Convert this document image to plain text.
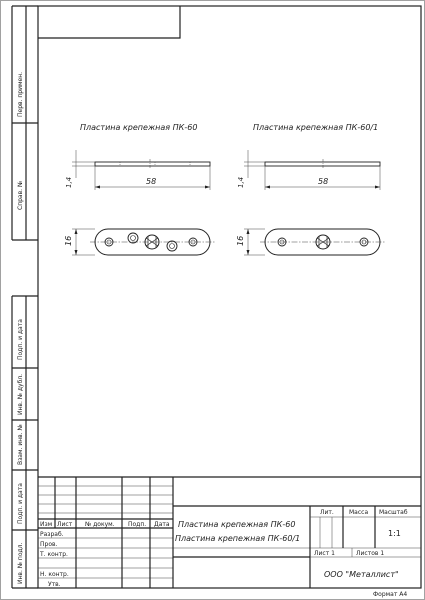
Перв. примен.
Справ. №
Подп. и дата
Инв. № дубл.
Взам. инв. №
Подп. и дата
Инв. № подл.
Пластина крепежная ПК-60
1,4	58
16
Пластина крепежная ПК-60/1
1,4	58
16
Изм Лист № докум. Подп. Дата
Разраб.
Пров.
Т. контр.
Н. контр.
Утв.
Пластина крепежная ПК-60
Пластина крепежная ПК-60/1
Лит.	Масса Масштаб
1:1
Лист 1	Листов 1
ООО "Металлист"
Формат А4
